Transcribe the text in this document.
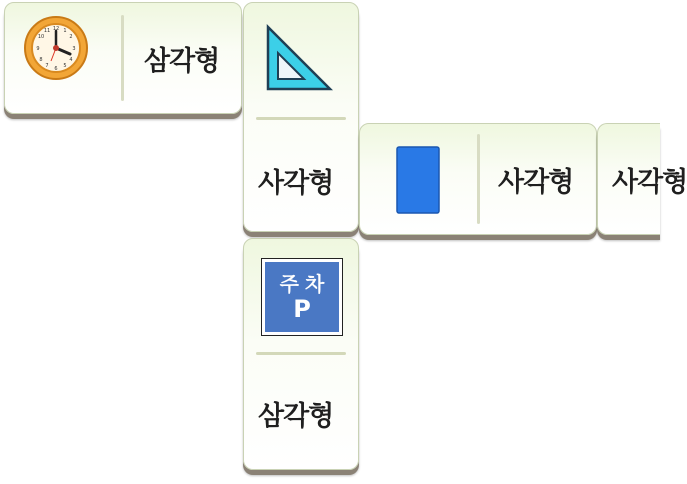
12 1
2
3
4
5
6
7
8
9
10
11
삼각형
사각형	사각형 사각형
주차
P
삼각형
